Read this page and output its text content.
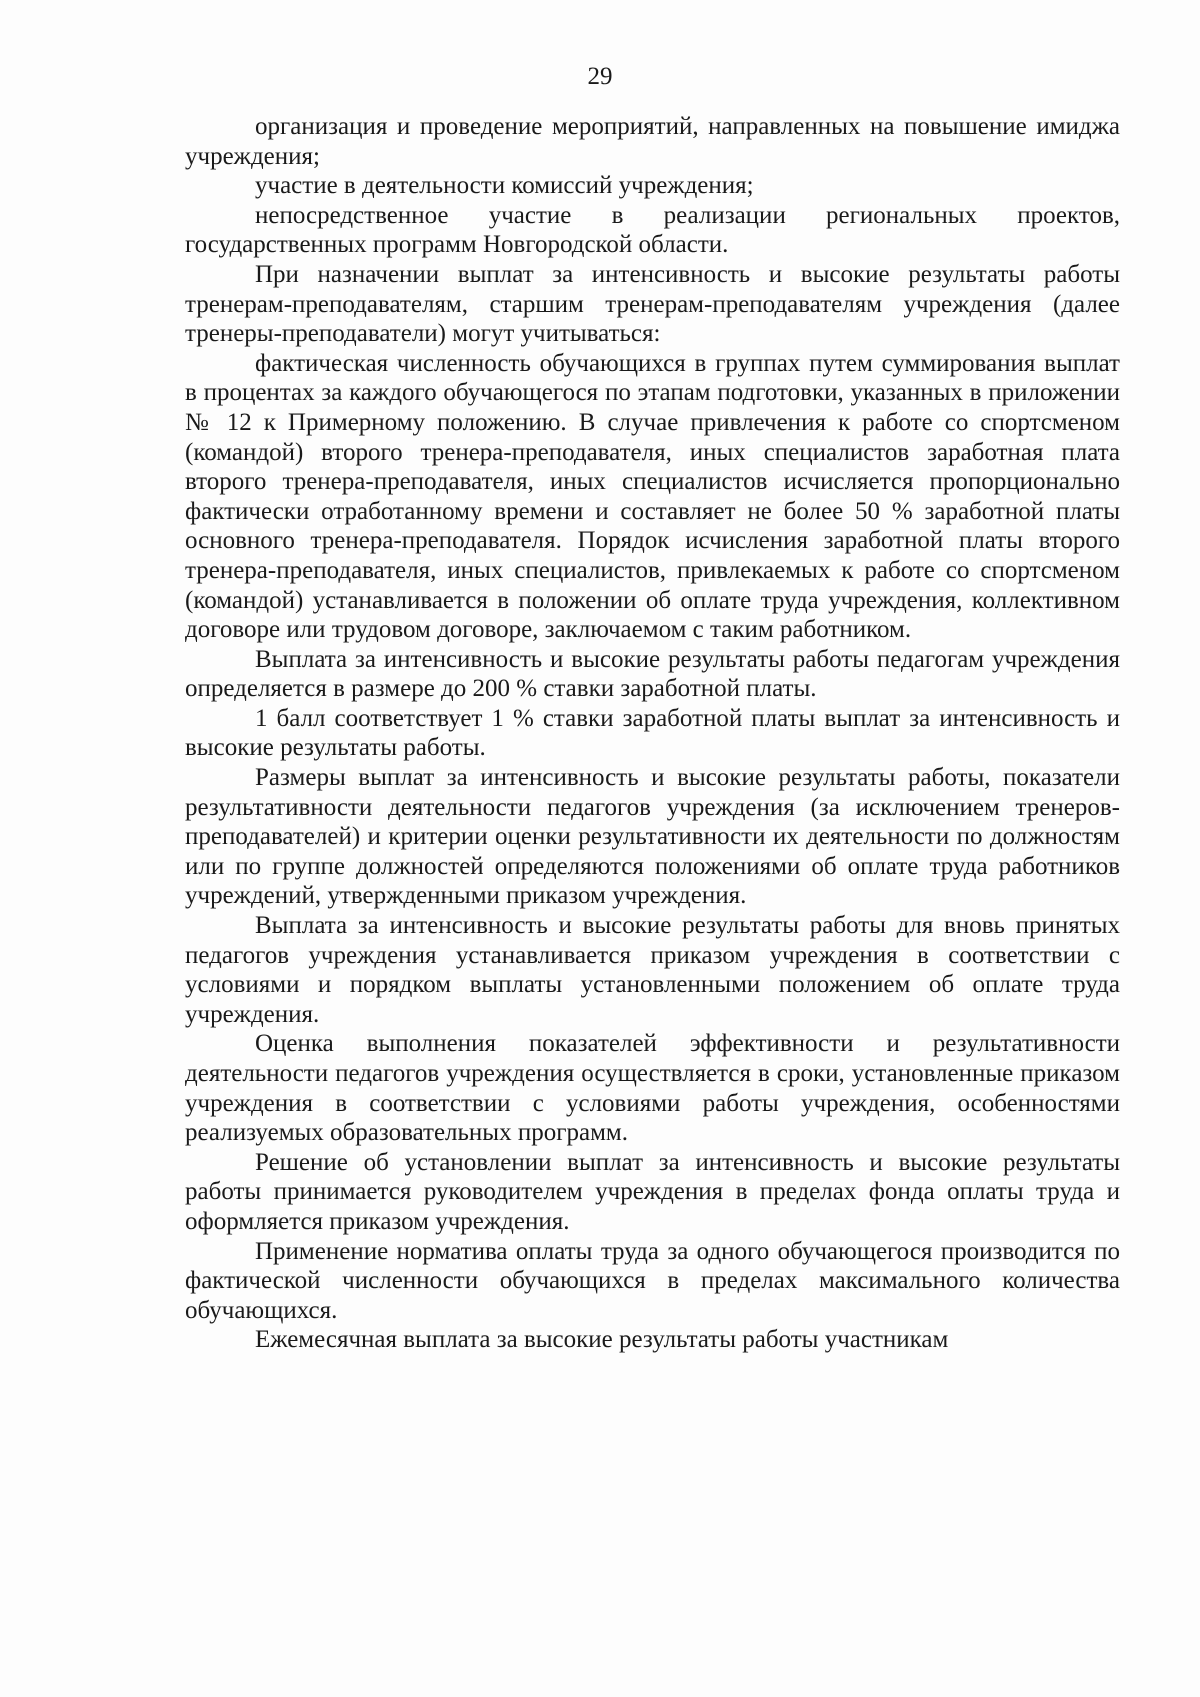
29

организация и проведение мероприятий, направленных на повышение имиджа учреждения;

участие в деятельности комиссий учреждения;

непосредственное участие в реализации региональных проектов, государственных программ Новгородской области.

При назначении выплат за интенсивность и высокие результаты работы тренерам-преподавателям, старшим тренерам-преподавателям учреждения (далее тренеры-преподаватели) могут учитываться:

фактическая численность обучающихся в группах путем суммирования выплат в процентах за каждого обучающегося по этапам подготовки, указанных в приложении № 12 к Примерному положению. В случае привлечения к работе со спортсменом (командой) второго тренера-преподавателя, иных специалистов заработная плата второго тренера-преподавателя, иных специалистов исчисляется пропорционально фактически отработанному времени и составляет не более 50 % заработной платы основного тренера-преподавателя. Порядок исчисления заработной платы второго тренера-преподавателя, иных специалистов, привлекаемых к работе со спортсменом (командой) устанавливается в положении об оплате труда учреждения, коллективном договоре или трудовом договоре, заключаемом с таким работником.

Выплата за интенсивность и высокие результаты работы педагогам учреждения определяется в размере до 200 % ставки заработной платы.

1 балл соответствует 1 % ставки заработной платы выплат за интенсивность и высокие результаты работы.

Размеры выплат за интенсивность и высокие результаты работы, показатели результативности деятельности педагогов учреждения (за исключением тренеров-преподавателей) и критерии оценки результативности их деятельности по должностям или по группе должностей определяются положениями об оплате труда работников учреждений, утвержденными приказом учреждения.

Выплата за интенсивность и высокие результаты работы для вновь принятых педагогов учреждения устанавливается приказом учреждения в соответствии с условиями и порядком выплаты установленными положением об оплате труда учреждения.

Оценка выполнения показателей эффективности и результативности деятельности педагогов учреждения осуществляется в сроки, установленные приказом учреждения в соответствии с условиями работы учреждения, особенностями реализуемых образовательных программ.

Решение об установлении выплат за интенсивность и высокие результаты работы принимается руководителем учреждения в пределах фонда оплаты труда и оформляется приказом учреждения.

Применение норматива оплаты труда за одного обучающегося производится по фактической численности обучающихся в пределах максимального количества обучающихся.

Ежемесячная выплата за высокие результаты работы участникам
